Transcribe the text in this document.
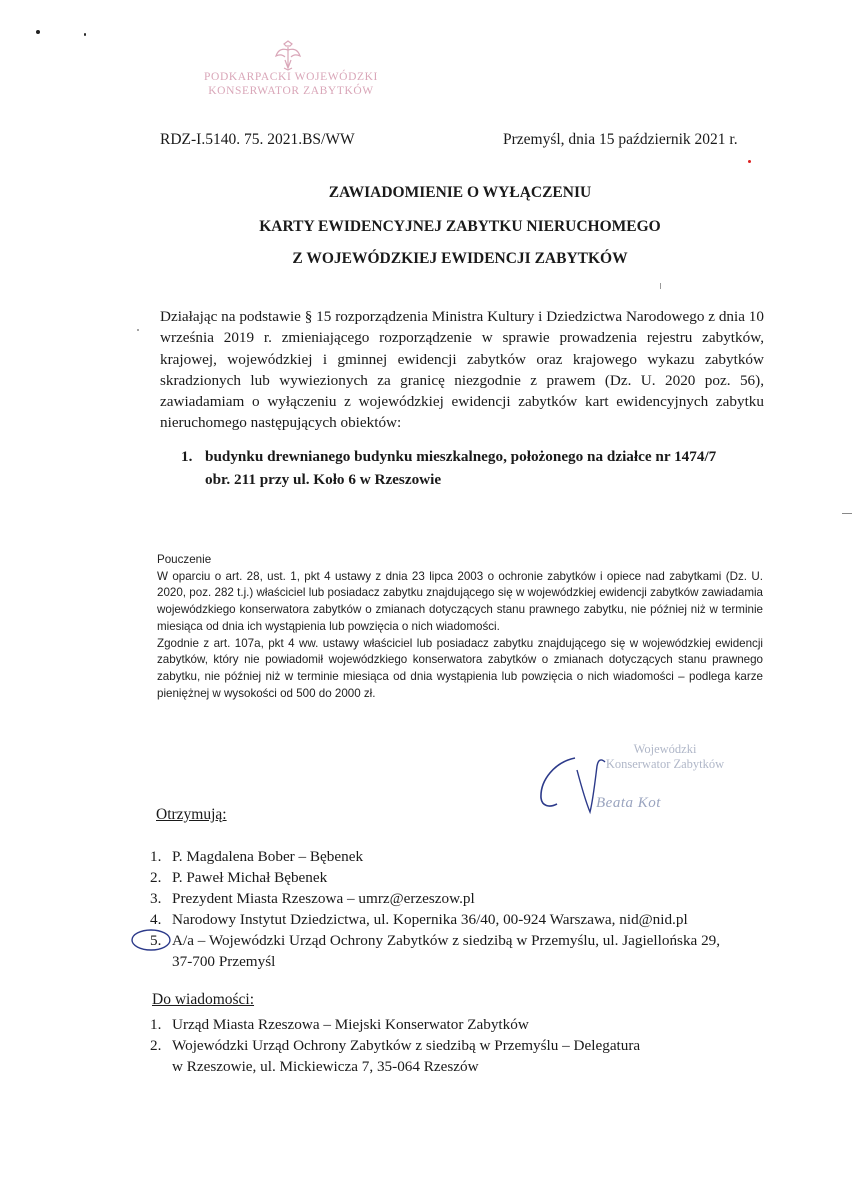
PODKARPACKI WOJEWÓDZKI
KONSERWATOR ZABYTKÓW
RDZ-I.5140. 75. 2021.BS/WW	Przemyśl, dnia 15 październik 2021 r.
ZAWIADOMIENIE O WYŁĄCZENIU
KARTY EWIDENCYJNEJ ZABYTKU NIERUCHOMEGO
Z WOJEWÓDZKIEJ EWIDENCJI ZABYTKÓW

Działając na podstawie § 15 rozporządzenia Ministra Kultury i Dziedzictwa Narodowego z dnia 10 września 2019 r. zmieniającego rozporządzenie w sprawie prowadzenia rejestru zabytków, krajowej, wojewódzkiej i gminnej ewidencji zabytków oraz krajowego wykazu zabytków skradzionych lub wywiezionych za granicę niezgodnie z prawem (Dz. U. 2020 poz. 56), zawiadamiam o wyłączeniu z wojewódzkiej ewidencji zabytków kart ewidencyjnych zabytku nieruchomego następujących obiektów:

1. budynku drewnianego budynku mieszkalnego, położonego na działce nr 1474/7
obr. 211 przy ul. Koło 6 w Rzeszowie

Pouczenie

W oparciu o art. 28, ust. 1, pkt 4 ustawy z dnia 23 lipca 2003 o ochronie zabytków i opiece nad zabytkami (Dz. U. 2020, poz. 282 t.j.) właściciel lub posiadacz zabytku znajdującego się w wojewódzkiej ewidencji zabytków zawiadamia wojewódzkiego konserwatora zabytków o zmianach dotyczących stanu prawnego zabytku, nie później niż w terminie miesiąca od dnia ich wystąpienia lub powzięcia o nich wiadomości.

Zgodnie z art. 107a, pkt 4 ww. ustawy właściciel lub posiadacz zabytku znajdującego się w wojewódzkiej ewidencji zabytków, który nie powiadomił wojewódzkiego konserwatora zabytków o zmianach dotyczących stanu prawnego zabytku, nie później niż w terminie miesiąca od dnia wystąpienia lub powzięcia o nich wiadomości – podlega karze pieniężnej w wysokości od 500 do 2000 zł.

Wojewódzki
Konserwator Zabytków
Beata Kot
Otrzymują:
1. P. Magdalena Bober – Bębenek
2. P. Paweł Michał Bębenek
3. Prezydent Miasta Rzeszowa – umrz@erzeszow.pl
4. Narodowy Instytut Dziedzictwa, ul. Kopernika 36/40, 00-924 Warszawa, nid@nid.pl
5. A/a – Wojewódzki Urząd Ochrony Zabytków z siedzibą w Przemyślu, ul. Jagiellońska 29,
37-700 Przemyśl
Do wiadomości:
1. Urząd Miasta Rzeszowa – Miejski Konserwator Zabytków
2. Wojewódzki Urząd Ochrony Zabytków z siedzibą w Przemyślu – Delegatura
w Rzeszowie, ul. Mickiewicza 7, 35-064 Rzeszów
